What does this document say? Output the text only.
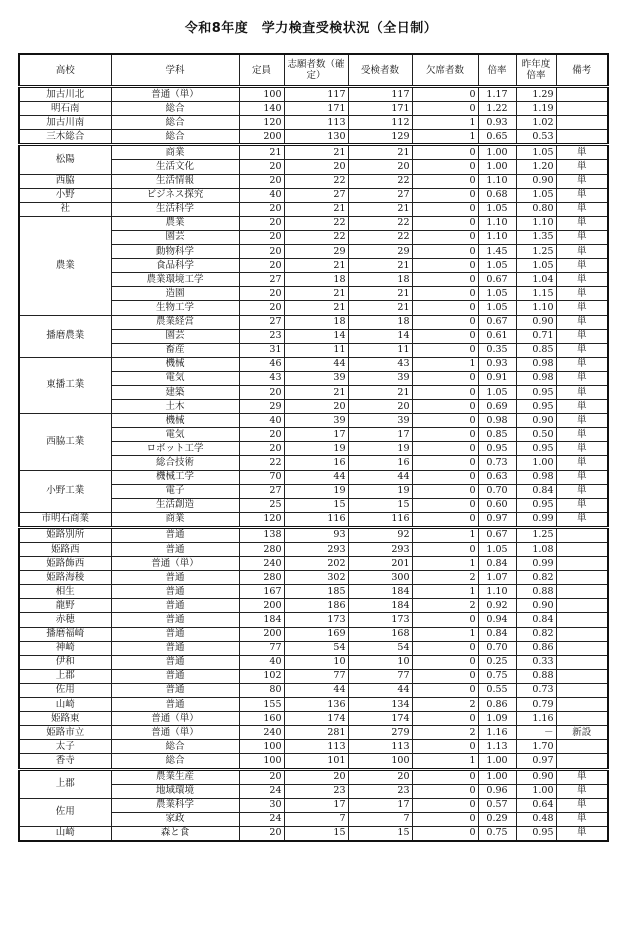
令和8年度　学力検査受検状況（全日制）
高校	学科	定員	志願者数（確定）	受検者数	欠席者数	倍率	昨年度倍率	備考
加古川北	普通（単）	100	117	117	0	1.17	1.29	
明石南	総合	140	171	171	0	1.22	1.19	
加古川南	総合	120	113	112	1	0.93	1.02	
三木総合	総合	200	130	129	1	0.65	0.53	
松陽	商業	21	21	21	0	1.00	1.05	単
	生活文化	20	20	20	0	1.00	1.20	単
西脇	生活情報	20	22	22	0	1.10	0.90	単
小野	ビジネス探究	40	27	27	0	0.68	1.05	単
社	生活科学	20	21	21	0	1.05	0.80	単
農業	農業	20	22	22	0	1.10	1.10	単
	園芸	20	22	22	0	1.10	1.35	単
	動物科学	20	29	29	0	1.45	1.25	単
	食品科学	20	21	21	0	1.05	1.05	単
	農業環境工学	27	18	18	0	0.67	1.04	単
	造園	20	21	21	0	1.05	1.15	単
	生物工学	20	21	21	0	1.05	1.10	単
播磨農業	農業経営	27	18	18	0	0.67	0.90	単
	園芸	23	14	14	0	0.61	0.71	単
	畜産	31	11	11	0	0.35	0.85	単
東播工業	機械	46	44	43	1	0.93	0.98	単
	電気	43	39	39	0	0.91	0.98	単
	建築	20	21	21	0	1.05	0.95	単
	土木	29	20	20	0	0.69	0.95	単
西脇工業	機械	40	39	39	0	0.98	0.90	単
	電気	20	17	17	0	0.85	0.50	単
	ロボット工学	20	19	19	0	0.95	0.95	単
	総合技術	22	16	16	0	0.73	1.00	単
小野工業	機械工学	70	44	44	0	0.63	0.98	単
	電子	27	19	19	0	0.70	0.84	単
	生活創造	25	15	15	0	0.60	0.95	単
市明石商業	商業	120	116	116	0	0.97	0.99	単
姫路別所	普通	138	93	92	1	0.67	1.25	
姫路西	普通	280	293	293	0	1.05	1.08	
姫路飾西	普通（単）	240	202	201	1	0.84	0.99	
姫路海稜	普通	280	302	300	2	1.07	0.82	
相生	普通	167	185	184	1	1.10	0.88	
龍野	普通	200	186	184	2	0.92	0.90	
赤穂	普通	184	173	173	0	0.94	0.84	
播磨福崎	普通	200	169	168	1	0.84	0.82	
神崎	普通	77	54	54	0	0.70	0.86	
伊和	普通	40	10	10	0	0.25	0.33	
上郡	普通	102	77	77	0	0.75	0.88	
佐用	普通	80	44	44	0	0.55	0.73	
山崎	普通	155	136	134	2	0.86	0.79	
姫路東	普通（単）	160	174	174	0	1.09	1.16	
姫路市立	普通（単）	240	281	279	2	1.16	－	新設
太子	総合	100	113	113	0	1.13	1.70	
香寺	総合	100	101	100	1	1.00	0.97	
上郡	農業生産	20	20	20	0	1.00	0.90	単
	地域環境	24	23	23	0	0.96	1.00	単
佐用	農業科学	30	17	17	0	0.57	0.64	単
	家政	24	7	7	0	0.29	0.48	単
山崎	森と食	20	15	15	0	0.75	0.95	単
